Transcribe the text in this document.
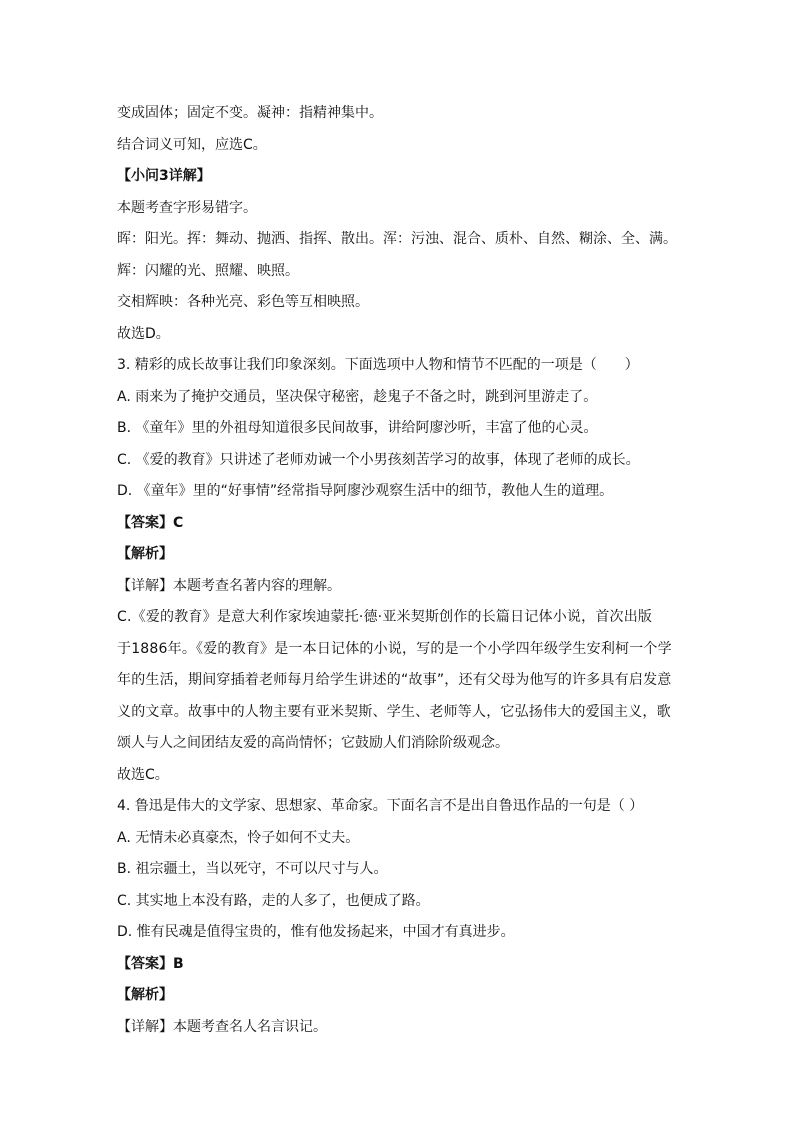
变成固体；固定不变。凝神：指精神集中。
结合词义可知，应选C。
【小问3详解】
本题考查字形易错字。
晖：阳光。挥：舞动、抛洒、指挥、散出。浑：污浊、混合、质朴、自然、糊涂、全、满。
辉：闪耀的光、照耀、映照。
交相辉映：各种光亮、彩色等互相映照。
故选D。
3. 精彩的成长故事让我们印象深刻。下面选项中人物和情节不匹配的一项是（　　）
A. 雨来为了掩护交通员，坚决保守秘密，趁鬼子不备之时，跳到河里游走了。
B. 《童年》里的外祖母知道很多民间故事，讲给阿廖沙听，丰富了他的心灵。
C. 《爱的教育》只讲述了老师劝诫一个小男孩刻苦学习的故事，体现了老师的成长。
D. 《童年》里的“好事情”经常指导阿廖沙观察生活中的细节，教他人生的道理。
【答案】C
【解析】
【详解】本题考查名著内容的理解。
C.《爱的教育》是意大利作家埃迪蒙托·德·亚米契斯创作的长篇日记体小说，首次出版
于1886年。《爱的教育》是一本日记体的小说，写的是一个小学四年级学生安利柯一个学
年的生活，期间穿插着老师每月给学生讲述的“故事”，还有父母为他写的许多具有启发意
义的文章。故事中的人物主要有亚米契斯、学生、老师等人，它弘扬伟大的爱国主义，歌
颂人与人之间团结友爱的高尚情怀；它鼓励人们消除阶级观念。
故选C。
4. 鲁迅是伟大的文学家、思想家、革命家。下面名言不是出自鲁迅作品的一句是（ ）
A. 无情未必真豪杰，怜子如何不丈夫。
B. 祖宗疆土，当以死守，不可以尺寸与人。
C. 其实地上本没有路，走的人多了，也便成了路。
D. 惟有民魂是值得宝贵的，惟有他发扬起来，中国才有真进步。
【答案】B
【解析】
【详解】本题考查名人名言识记。
